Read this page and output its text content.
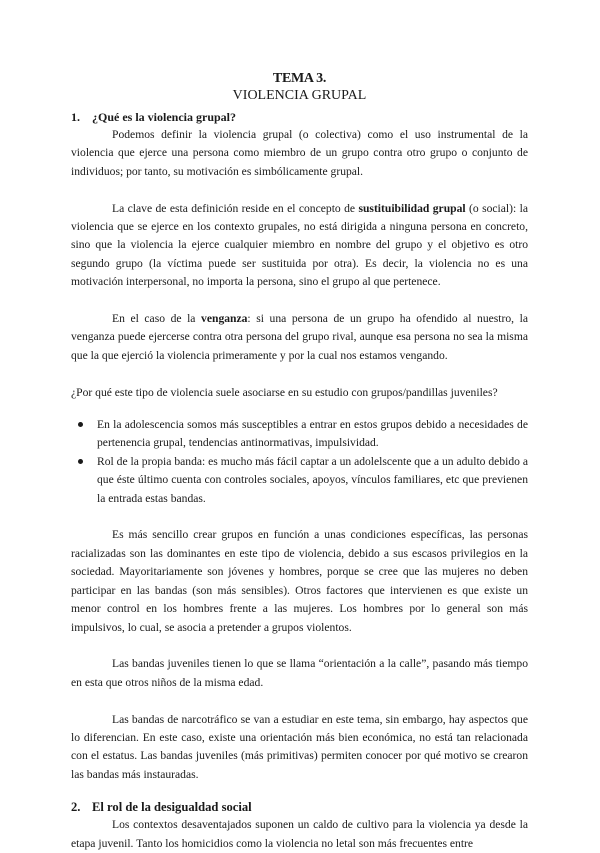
TEMA 3.
VIOLENCIA GRUPAL
1. ¿Qué es la violencia grupal?

Podemos definir la violencia grupal (o colectiva) como el uso instrumental de la violencia que ejerce una persona como miembro de un grupo contra otro grupo o conjunto de individuos; por tanto, su motivación es simbólicamente grupal.

La clave de esta definición reside en el concepto de sustituibilidad grupal (o social): la violencia que se ejerce en los contexto grupales, no está dirigida a ninguna persona en concreto, sino que la violencia la ejerce cualquier miembro en nombre del grupo y el objetivo es otro segundo grupo (la víctima puede ser sustituida por otra). Es decir, la violencia no es una motivación interpersonal, no importa la persona, sino el grupo al que pertenece.

En el caso de la venganza: si una persona de un grupo ha ofendido al nuestro, la venganza puede ejercerse contra otra persona del grupo rival, aunque esa persona no sea la misma que la que ejerció la violencia primeramente y por la cual nos estamos vengando.

¿Por qué este tipo de violencia suele asociarse en su estudio con grupos/pandillas juveniles?

En la adolescencia somos más susceptibles a entrar en estos grupos debido a necesidades de pertenencia grupal, tendencias antinormativas, impulsividad.
Rol de la propia banda: es mucho más fácil captar a un adolelscente que a un adulto debido a que éste último cuenta con controles sociales, apoyos, vínculos familiares, etc que previenen la entrada estas bandas.

Es más sencillo crear grupos en función a unas condiciones específicas, las personas racializadas son las dominantes en este tipo de violencia, debido a sus escasos privilegios en la sociedad. Mayoritariamente son jóvenes y hombres, porque se cree que las mujeres no deben participar en las bandas (son más sensibles). Otros factores que intervienen es que existe un menor control en los hombres frente a las mujeres. Los hombres por lo general son más impulsivos, lo cual, se asocia a pretender a grupos violentos.

Las bandas juveniles tienen lo que se llama “orientación a la calle”, pasando más tiempo en esta que otros niños de la misma edad.

Las bandas de narcotráfico se van a estudiar en este tema, sin embargo, hay aspectos que lo diferencian. En este caso, existe una orientación más bien económica, no está tan relacionada con el estatus. Las bandas juveniles (más primitivas) permiten conocer por qué motivo se crearon las bandas más instauradas.

2. El rol de la desigualdad social

Los contextos desaventajados suponen un caldo de cultivo para la violencia ya desde la etapa juvenil. Tanto los homicidios como la violencia no letal son más frecuentes entre
